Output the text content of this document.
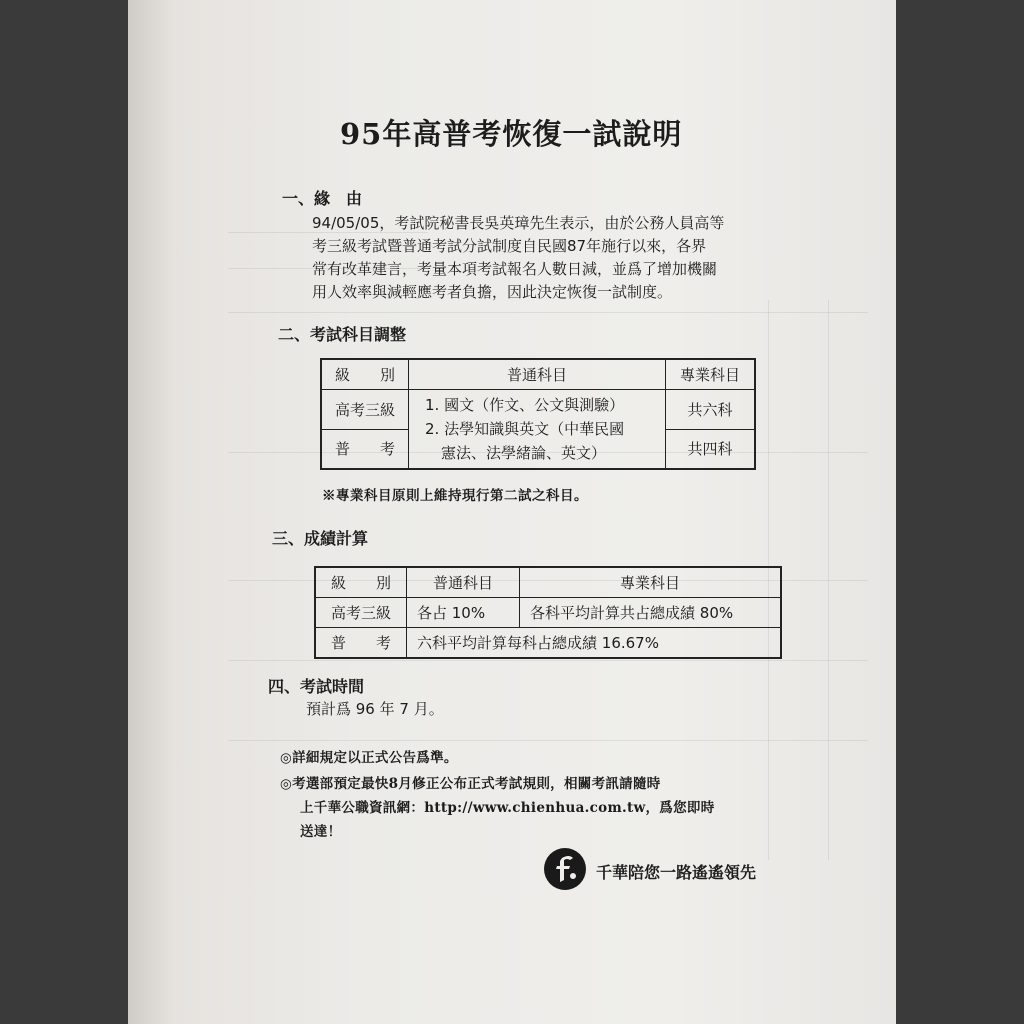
95年高普考恢復一試說明
一、緣　由
94/05/05，考試院秘書長吳英璋先生表示，由於公務人員高等
考三級考試暨普通考試分試制度自民國87年施行以來，各界
常有改革建言，考量本項考試報名人數日減，並爲了增加機關
用人效率與減輕應考者負擔，因此決定恢復一試制度。
二、考試科目調整
級　　別	普通科目	專業科目
高考三級	1. 國文（作文、公文與測驗）
2. 法學知識與英文（中華民國
憲法、法學緒論、英文）	共六科
普　　考		共四科
※專業科目原則上維持現行第二試之科目。
三、成績計算
級　　別	普通科目	專業科目
高考三級	各占 10%	各科平均計算共占總成績 80%
普　　考	六科平均計算每科占總成績 16.67%	
四、考試時間
預計爲 96 年 7 月。
◎詳細規定以正式公告爲準。
◎考選部預定最快8月修正公布正式考試規則，相關考訊請隨時
上千華公職資訊網：http://www.chienhua.com.tw，爲您即時
送達！
千華陪您一路遙遙領先
